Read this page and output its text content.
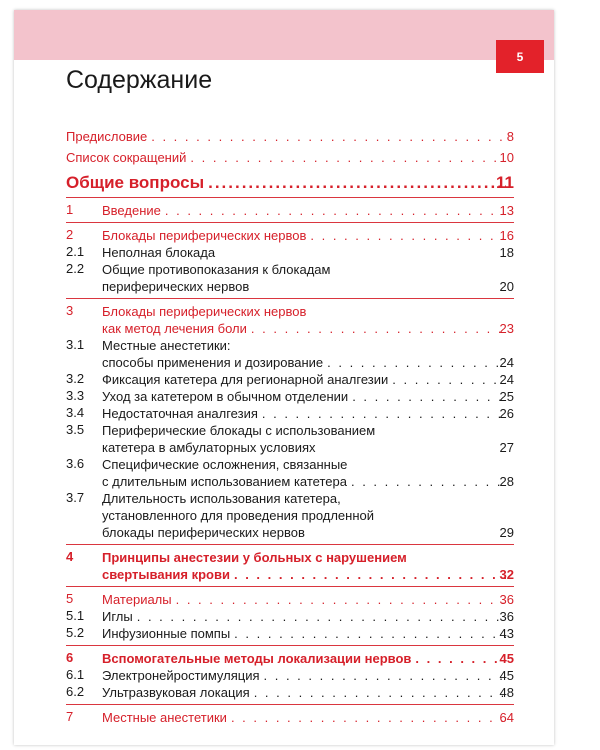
5
Содержание
Предисловие . . .	8
Список сокращений . . .	10
Общие вопросы .....	11
1	Введение . . .	13
2	Блокады периферических нервов . . .	16
2.1	Неполная блокада	18
2.2	Общие противопоказания к блокадам
периферических нервов	20
3	Блокады периферических нервов
как метод лечения боли . . .	23
3.1	Местные анестетики:
способы применения и дозирование . . .	24
3.2	Фиксация катетера для регионарной аналгезии . . .	24
3.3	Уход за катетером в обычном отделении . . .	25
3.4	Недостаточная аналгезия . . .	26
3.5	Периферические блокады с использованием
катетера в амбулаторных условиях	27
3.6	Специфические осложнения, связанные
с длительным использованием катетера . . .	28
3.7	Длительность использования катетера,
установленного для проведения продленной
блокады периферических нервов	29
4	Принципы анестезии у больных с нарушением
свертывания крови . . .	32
5	Материалы . . .	36
5.1	Иглы . . .	36
5.2	Инфузионные помпы . . .	43
6	Вспомогательные методы локализации нервов . . .	45
6.1	Электронейростимуляция . . .	45
6.2	Ультразвуковая локация . . .	48
7	Местные анестетики . . .	64
